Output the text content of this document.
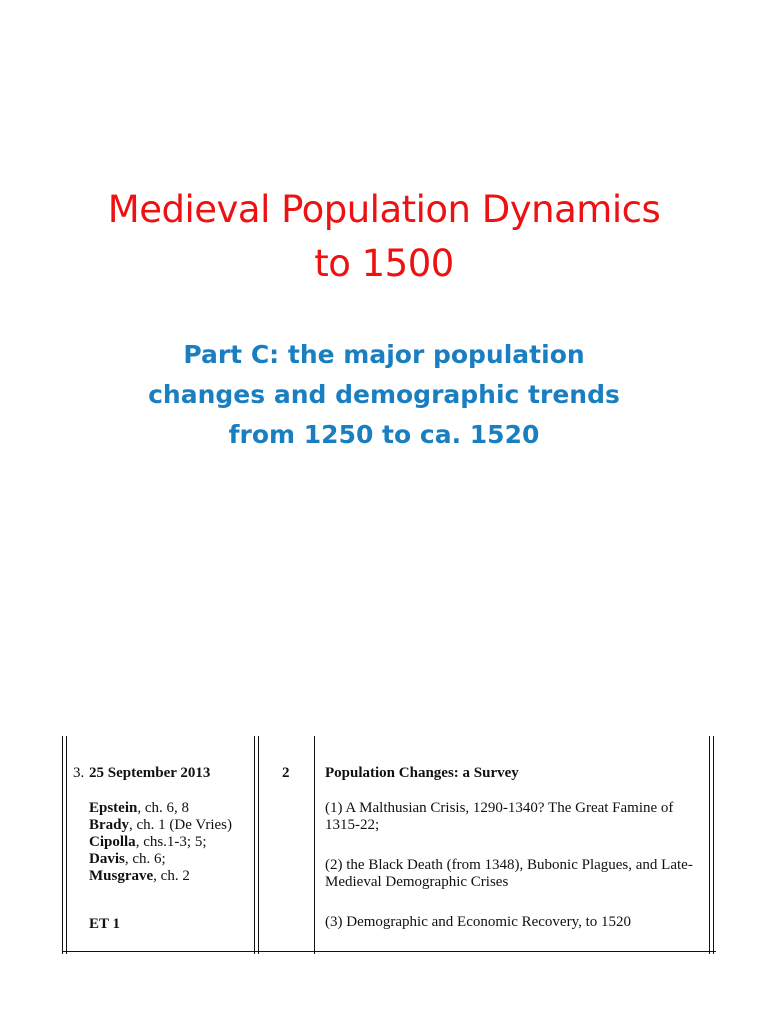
Medieval Population Dynamics
to 1500
Part C: the major population
changes and demographic trends
from 1250 to ca. 1520
3. 25 September 2013
Epstein, ch. 6, 8
Brady, ch. 1 (De Vries) Cipolla, chs.1-3; 5; Davis, ch. 6;
Musgrave, ch. 2
ET 1
2 Population Changes: a Survey
(1) A Malthusian Crisis, 1290-1340? The Great Famine of 1315-22;
(2) the Black Death (from 1348), Bubonic Plagues, and Late-Medieval Demographic Crises
(3) Demographic and Economic Recovery, to 1520
